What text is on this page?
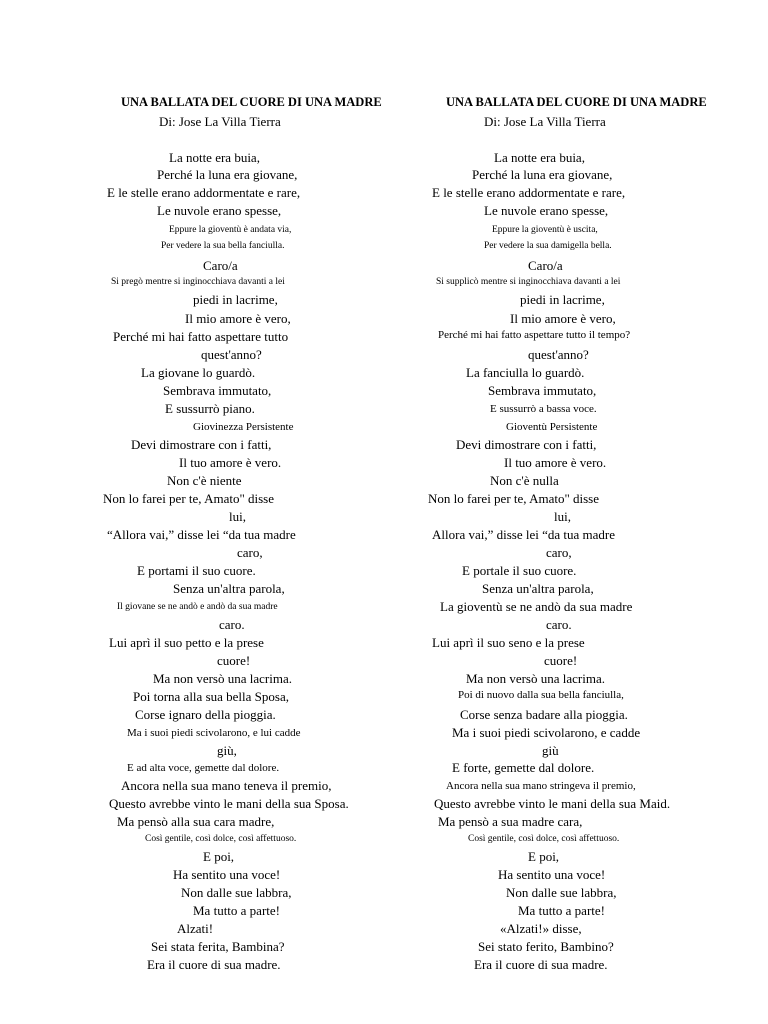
UNA BALLATA DEL CUORE DI UNA MADRE
Di: Jose La Villa Tierra
La notte era buia,
Perché la luna era giovane,
E le stelle erano addormentate e rare,
Le nuvole erano spesse,
Eppure la gioventù è andata via,
Per vedere la sua bella fanciulla.
Caro/a
Si pregò mentre si inginocchiava davanti a lei
piedi in lacrime,
Il mio amore è vero,
Perché mi hai fatto aspettare tutto
quest'anno?
La giovane lo guardò.
Sembrava immutato,
E sussurrò piano.
Giovinezza Persistente
Devi dimostrare con i fatti,
Il tuo amore è vero.
Non c'è niente
Non lo farei per te, Amato" disse
lui,
“Allora vai,” disse lei “da tua madre
caro,
E portami il suo cuore.
Senza un'altra parola,
Il giovane se ne andò e andò da sua madre
caro.
Lui aprì il suo petto e la prese
cuore!
Ma non versò una lacrima.
Poi torna alla sua bella Sposa,
Corse ignaro della pioggia.
Ma i suoi piedi scivolarono, e lui cadde
giù,
E ad alta voce, gemette dal dolore.
Ancora nella sua mano teneva il premio,
Questo avrebbe vinto le mani della sua Sposa.
Ma pensò alla sua cara madre,
Così gentile, così dolce, così affettuoso.
E poi,
Ha sentito una voce!
Non dalle sue labbra,
Ma tutto a parte!
Alzati!
Sei stata ferita, Bambina?
Era il cuore di sua madre.
UNA BALLATA DEL CUORE DI UNA MADRE
Di: Jose La Villa Tierra
La notte era buia,
Perché la luna era giovane,
E le stelle erano addormentate e rare,
Le nuvole erano spesse,
Eppure la gioventù è uscita,
Per vedere la sua damigella bella.
Caro/a
Si supplicò mentre si inginocchiava davanti a lei
piedi in lacrime,
Il mio amore è vero,
Perché mi hai fatto aspettare tutto il tempo?
quest'anno?
La fanciulla lo guardò.
Sembrava immutato,
E sussurrò a bassa voce.
Gioventù Persistente
Devi dimostrare con i fatti,
Il tuo amore è vero.
Non c'è nulla
Non lo farei per te, Amato" disse
lui,
Allora vai,” disse lei “da tua madre
caro,
E portale il suo cuore.
Senza un'altra parola,
La gioventù se ne andò da sua madre
caro.
Lui aprì il suo seno e la prese
cuore!
Ma non versò una lacrima.
Poi di nuovo dalla sua bella fanciulla,
Corse senza badare alla pioggia.
Ma i suoi piedi scivolarono, e cadde
giù
E forte, gemette dal dolore.
Ancora nella sua mano stringeva il premio,
Questo avrebbe vinto le mani della sua Maid.
Ma pensò a sua madre cara,
Così gentile, così dolce, così affettuoso.
E poi,
Ha sentito una voce!
Non dalle sue labbra,
Ma tutto a parte!
«Alzati!» disse,
Sei stato ferito, Bambino?
Era il cuore di sua madre.
